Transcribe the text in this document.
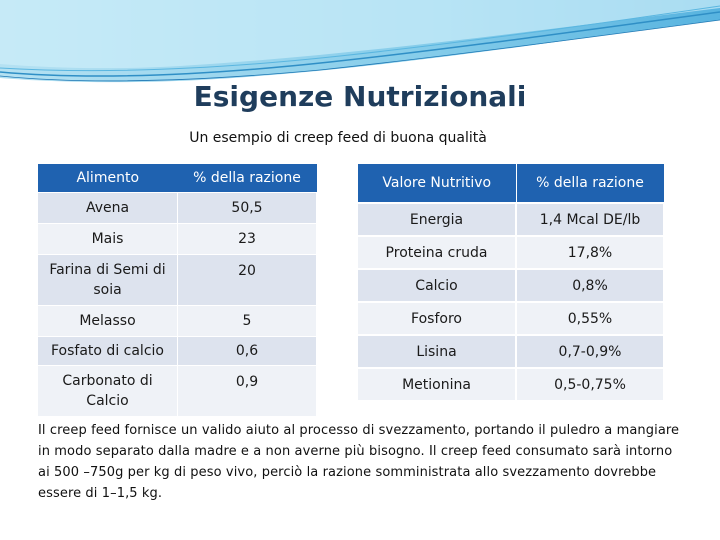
Esigenze Nutrizionali
Un esempio di creep feed di buona qualità
Alimento	% della razione
Avena	50,5
Mais	23
Farina di Semi di soia	20
Melasso	5
Fosfato di calcio	0,6
Carbonato di Calcio	0,9
Valore Nutritivo	% della razione
Energia	1,4 Mcal DE/lb
Proteina cruda	17,8%
Calcio	0,8%
Fosforo	0,55%
Lisina	0,7-0,9%
Metionina	0,5-0,75%
Il creep feed fornisce un valido aiuto al processo di svezzamento, portando il puledro a mangiare in modo separato dalla madre e a non averne più bisogno. Il creep feed consumato sarà intorno ai 500 –750g per kg di peso vivo, perciò la razione somministrata allo svezzamento dovrebbe essere di 1–1,5 kg.
